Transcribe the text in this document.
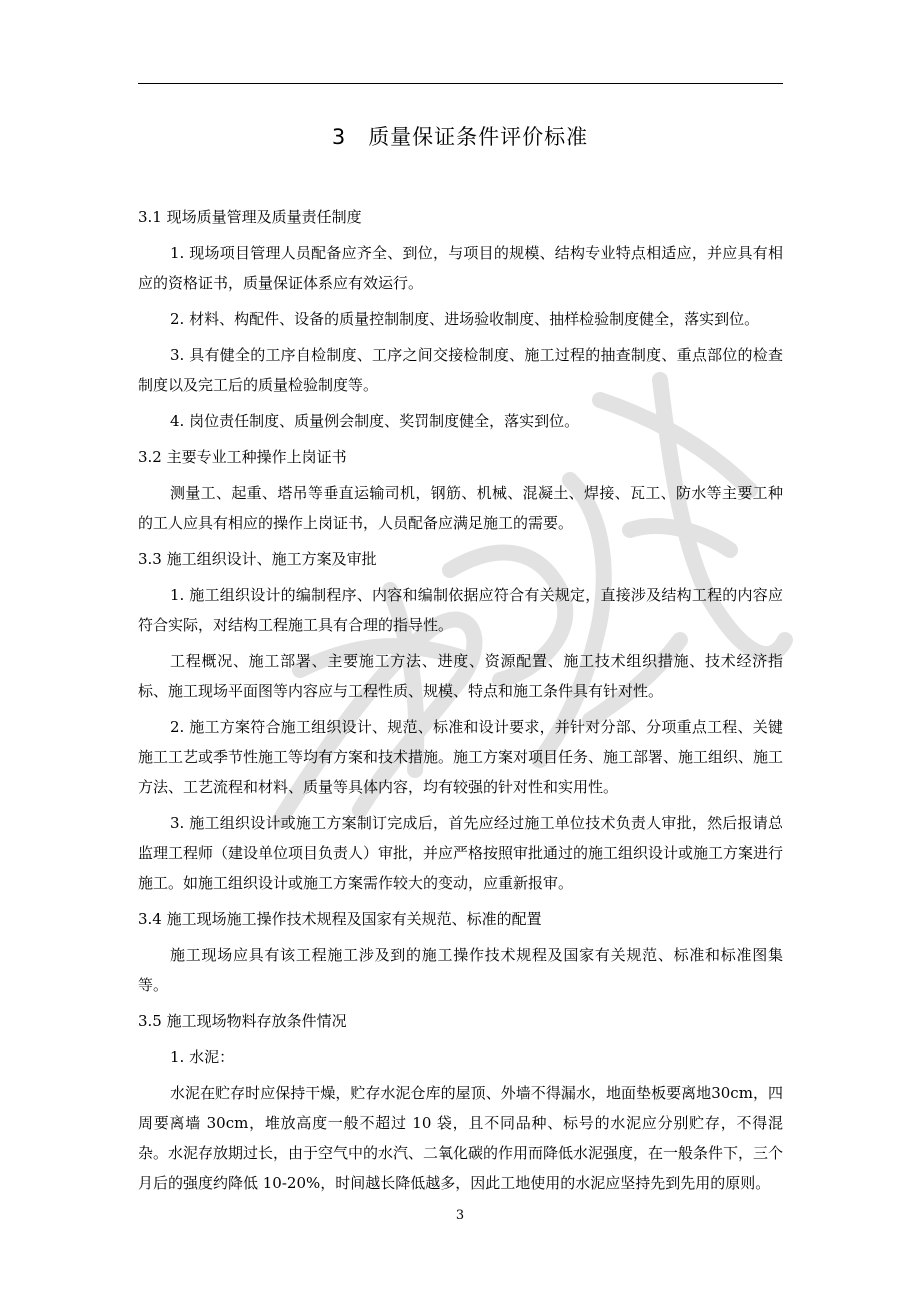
3 质量保证条件评价标准
3.1 现场质量管理及质量责任制度

1. 现场项目管理人员配备应齐全、到位，与项目的规模、结构专业特点相适应，并应具有相应的资格证书，质量保证体系应有效运行。

2. 材料、构配件、设备的质量控制制度、进场验收制度、抽样检验制度健全，落实到位。

3. 具有健全的工序自检制度、工序之间交接检制度、施工过程的抽查制度、重点部位的检查制度以及完工后的质量检验制度等。

4. 岗位责任制度、质量例会制度、奖罚制度健全，落实到位。

3.2 主要专业工种操作上岗证书

测量工、起重、塔吊等垂直运输司机，钢筋、机械、混凝土、焊接、瓦工、防水等主要工种的工人应具有相应的操作上岗证书，人员配备应满足施工的需要。

3.3 施工组织设计、施工方案及审批

1. 施工组织设计的编制程序、内容和编制依据应符合有关规定，直接涉及结构工程的内容应符合实际，对结构工程施工具有合理的指导性。

工程概况、施工部署、主要施工方法、进度、资源配置、施工技术组织措施、技术经济指标、施工现场平面图等内容应与工程性质、规模、特点和施工条件具有针对性。

2. 施工方案符合施工组织设计、规范、标准和设计要求，并针对分部、分项重点工程、关键施工工艺或季节性施工等均有方案和技术措施。施工方案对项目任务、施工部署、施工组织、施工方法、工艺流程和材料、质量等具体内容，均有较强的针对性和实用性。

3. 施工组织设计或施工方案制订完成后，首先应经过施工单位技术负责人审批，然后报请总监理工程师（建设单位项目负责人）审批，并应严格按照审批通过的施工组织设计或施工方案进行施工。如施工组织设计或施工方案需作较大的变动，应重新报审。

3.4 施工现场施工操作技术规程及国家有关规范、标准的配置

施工现场应具有该工程施工涉及到的施工操作技术规程及国家有关规范、标准和标准图集等。

3.5 施工现场物料存放条件情况

1. 水泥：

水泥在贮存时应保持干燥，贮存水泥仓库的屋顶、外墙不得漏水，地面垫板要离地30cm，四周要离墙 30cm，堆放高度一般不超过 10 袋，且不同品种、标号的水泥应分别贮存，不得混杂。水泥存放期过长，由于空气中的水汽、二氧化碳的作用而降低水泥强度，在一般条件下，三个月后的强度约降低 10-20%，时间越长降低越多，因此工地使用的水泥应坚持先到先用的原则。

3
